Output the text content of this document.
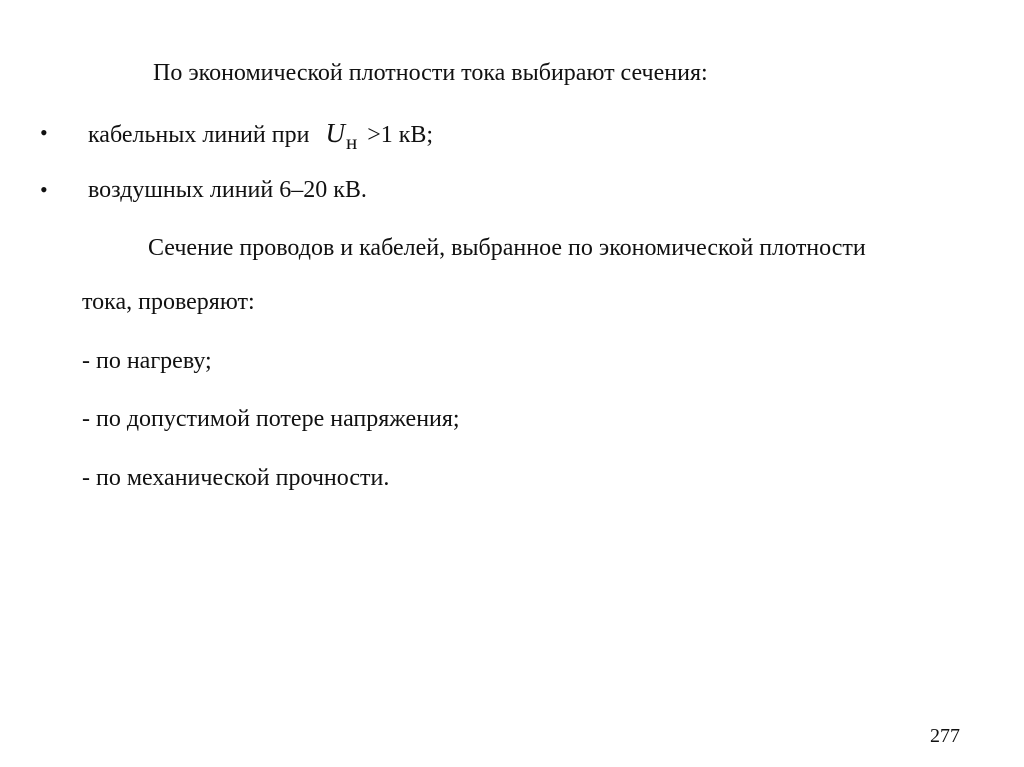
По экономической плотности тока выбирают сечения:
• кабельных линий при Uн >1 кВ;
• воздушных линий 6–20 кВ.
Сечение проводов и кабелей, выбранное по экономической плотности
тока, проверяют:
- по нагреву;
- по допустимой потере напряжения;
- по механической прочности.
277
